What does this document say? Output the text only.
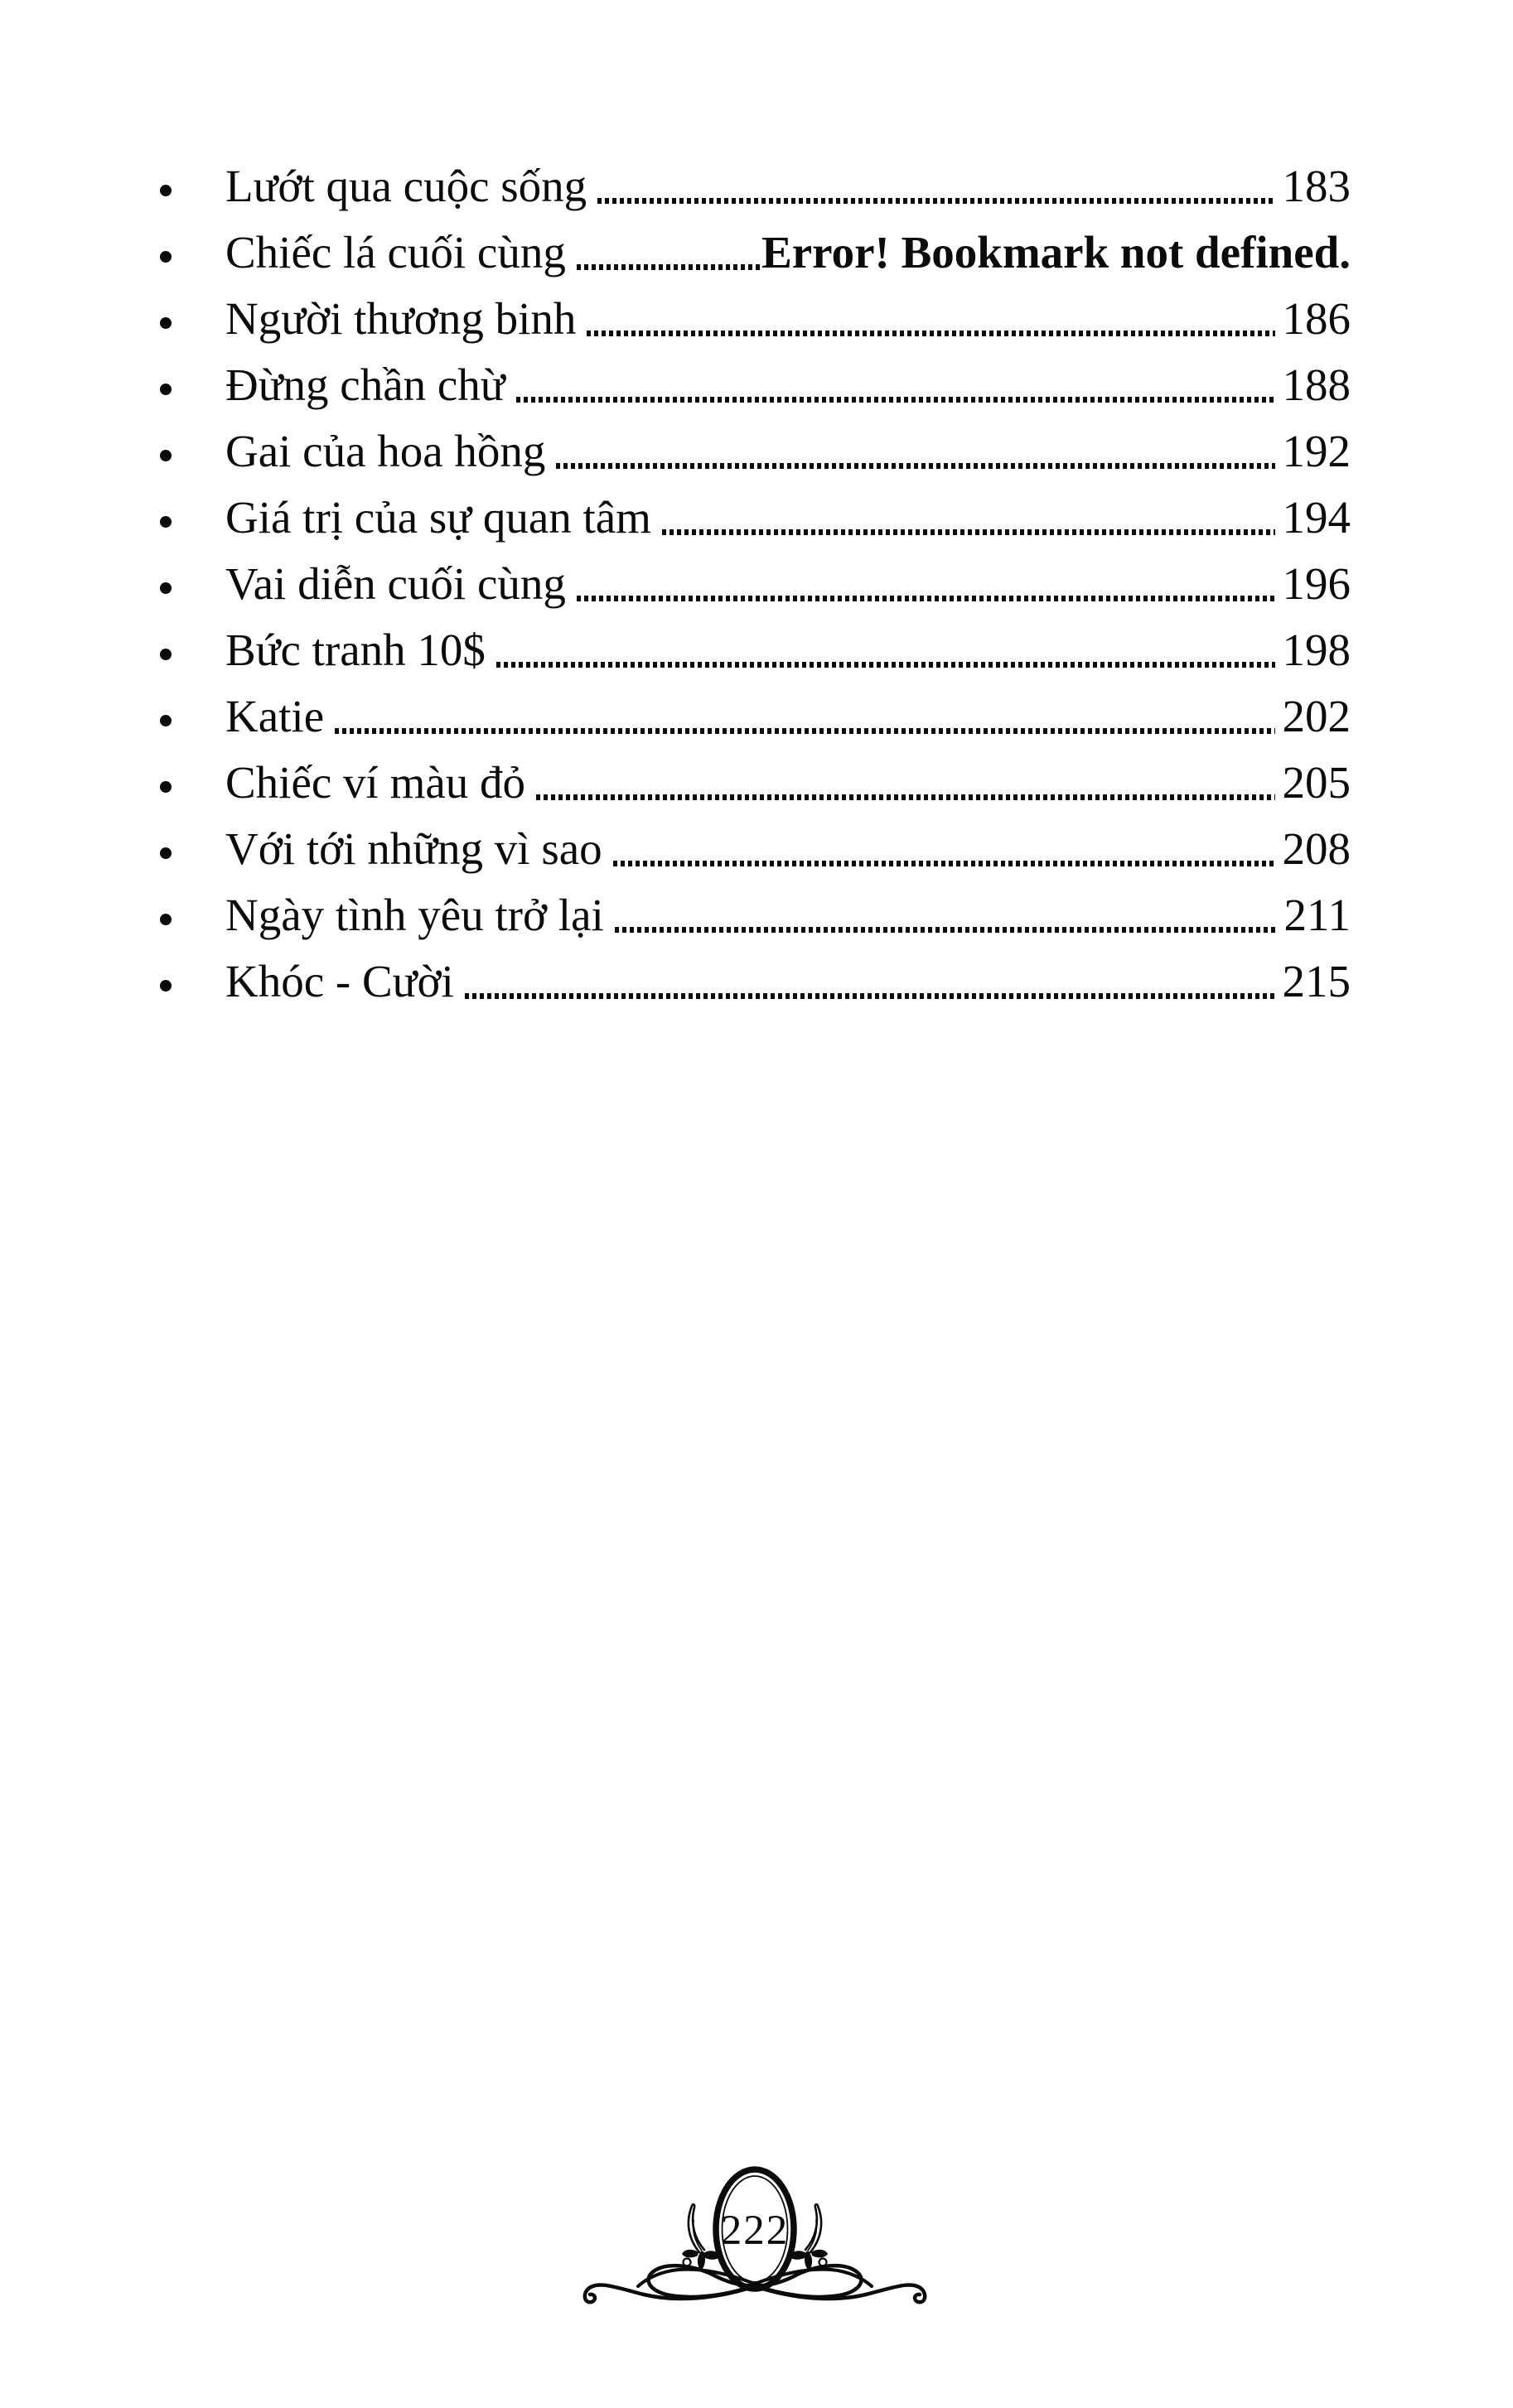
Lướt qua cuộc sống	183
Chiếc lá cuối cùng	Error! Bookmark not defined.
Người thương binh	186
Đừng chần chừ	188
Gai của hoa hồng	192
Giá trị của sự quan tâm	194
Vai diễn cuối cùng	196
Bức tranh 10$	198
Katie	202
Chiếc ví màu đỏ	205
Với tới những vì sao	208
Ngày tình yêu trở lại	211
Khóc - Cười	215
222
